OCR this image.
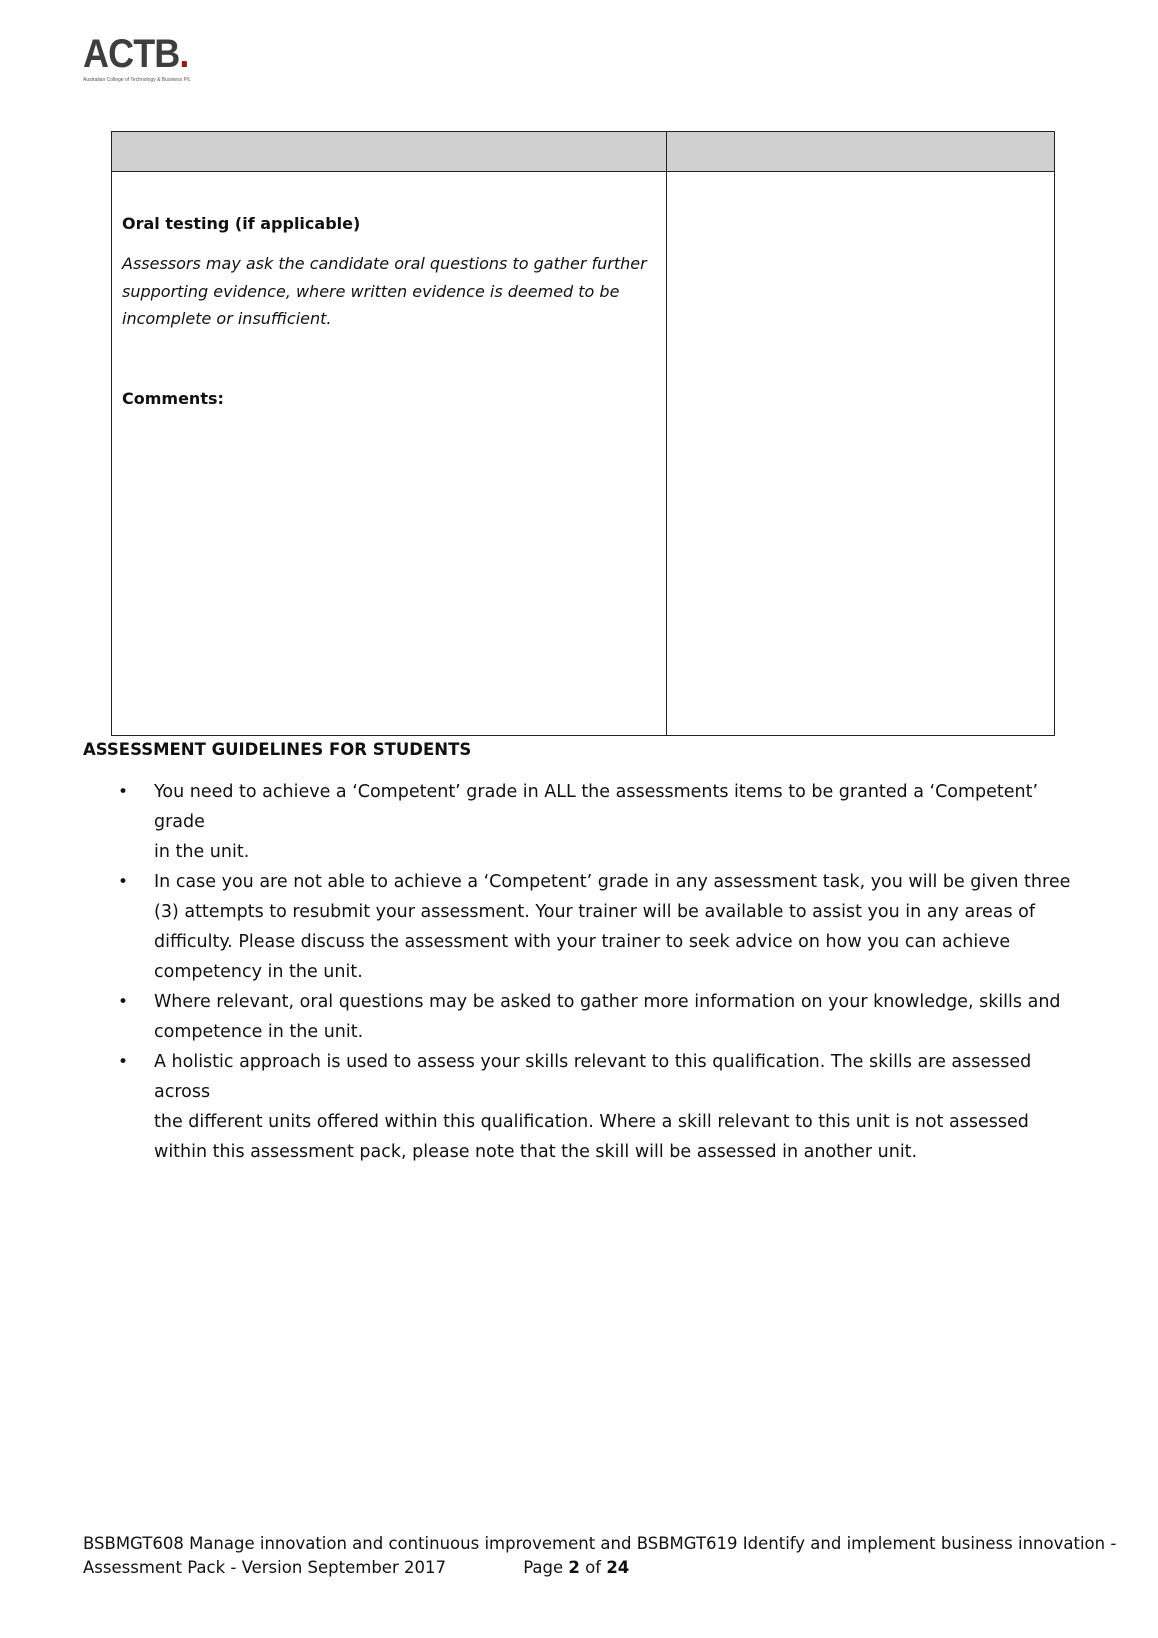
ACTB.
Australian College of Technology & Business P/L

Oral testing (if applicable)

Assessors may ask the candidate oral questions to gather further
supporting evidence, where written evidence is deemed to be
incomplete or insufficient.

Comments:	

ASSESSMENT GUIDELINES FOR STUDENTS
• You need to achieve a ‘Competent’ grade in ALL the assessments items to be granted a ‘Competent’ grade
in the unit.
• In case you are not able to achieve a ‘Competent’ grade in any assessment task, you will be given three
(3) attempts to resubmit your assessment. Your trainer will be available to assist you in any areas of
difficulty. Please discuss the assessment with your trainer to seek advice on how you can achieve
competency in the unit.
• Where relevant, oral questions may be asked to gather more information on your knowledge, skills and
competence in the unit.
• A holistic approach is used to assess your skills relevant to this qualification. The skills are assessed across
the different units offered within this qualification. Where a skill relevant to this unit is not assessed
within this assessment pack, please note that the skill will be assessed in another unit.
BSBMGT608 Manage innovation and continuous improvement and BSBMGT619 Identify and implement business innovation -
Assessment Pack - Version September 2017	Page 2 of 24
